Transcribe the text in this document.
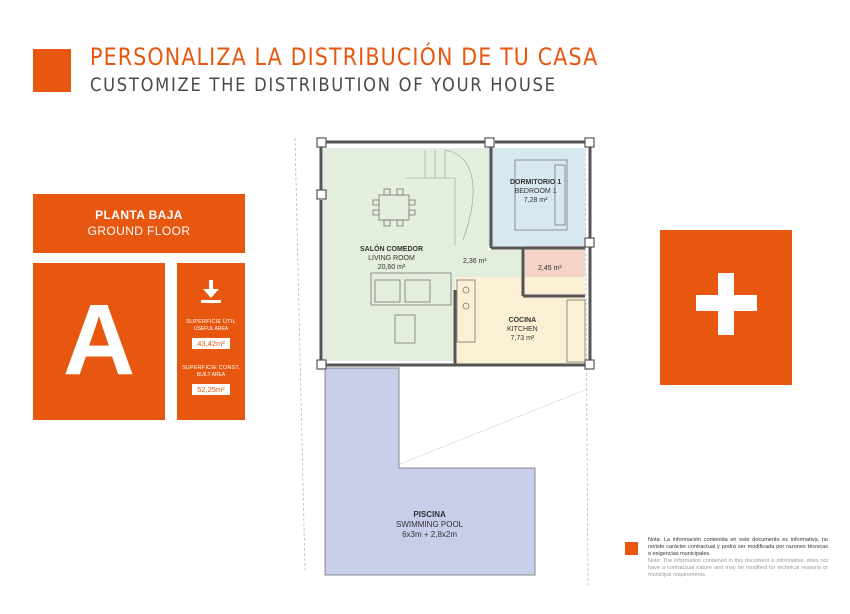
PERSONALIZA LA DISTRIBUCIÓN DE TU CASA
CUSTOMIZE THE DISTRIBUTION OF YOUR HOUSE
PLANTA BAJA
GROUND FLOOR
A	SUPERFICIE ÚTIL
USEFUL AREA
43,42m²
SUPERFICIE CONST.
BUILT AREA
52,25m²
SALÓN COMEDOR
LIVING ROOM
20,60 m²
DORMITORIO 1
BEDROOM 1
7,28 m²
2,36 m²
2,45 m²
COCINA
KITCHEN
7,73 m²
PISCINA
SWIMMING POOL
6x3m + 2,8x2m
Nota: La información contenida en este documento es informativa, no reviste carácter contractual y podrá ser modificada por razones técnicas o exigencias municipales.
Note: The information contained in this document is informative, does not have a contractual nature and may be modified for technical reasons or municipal requirements.
